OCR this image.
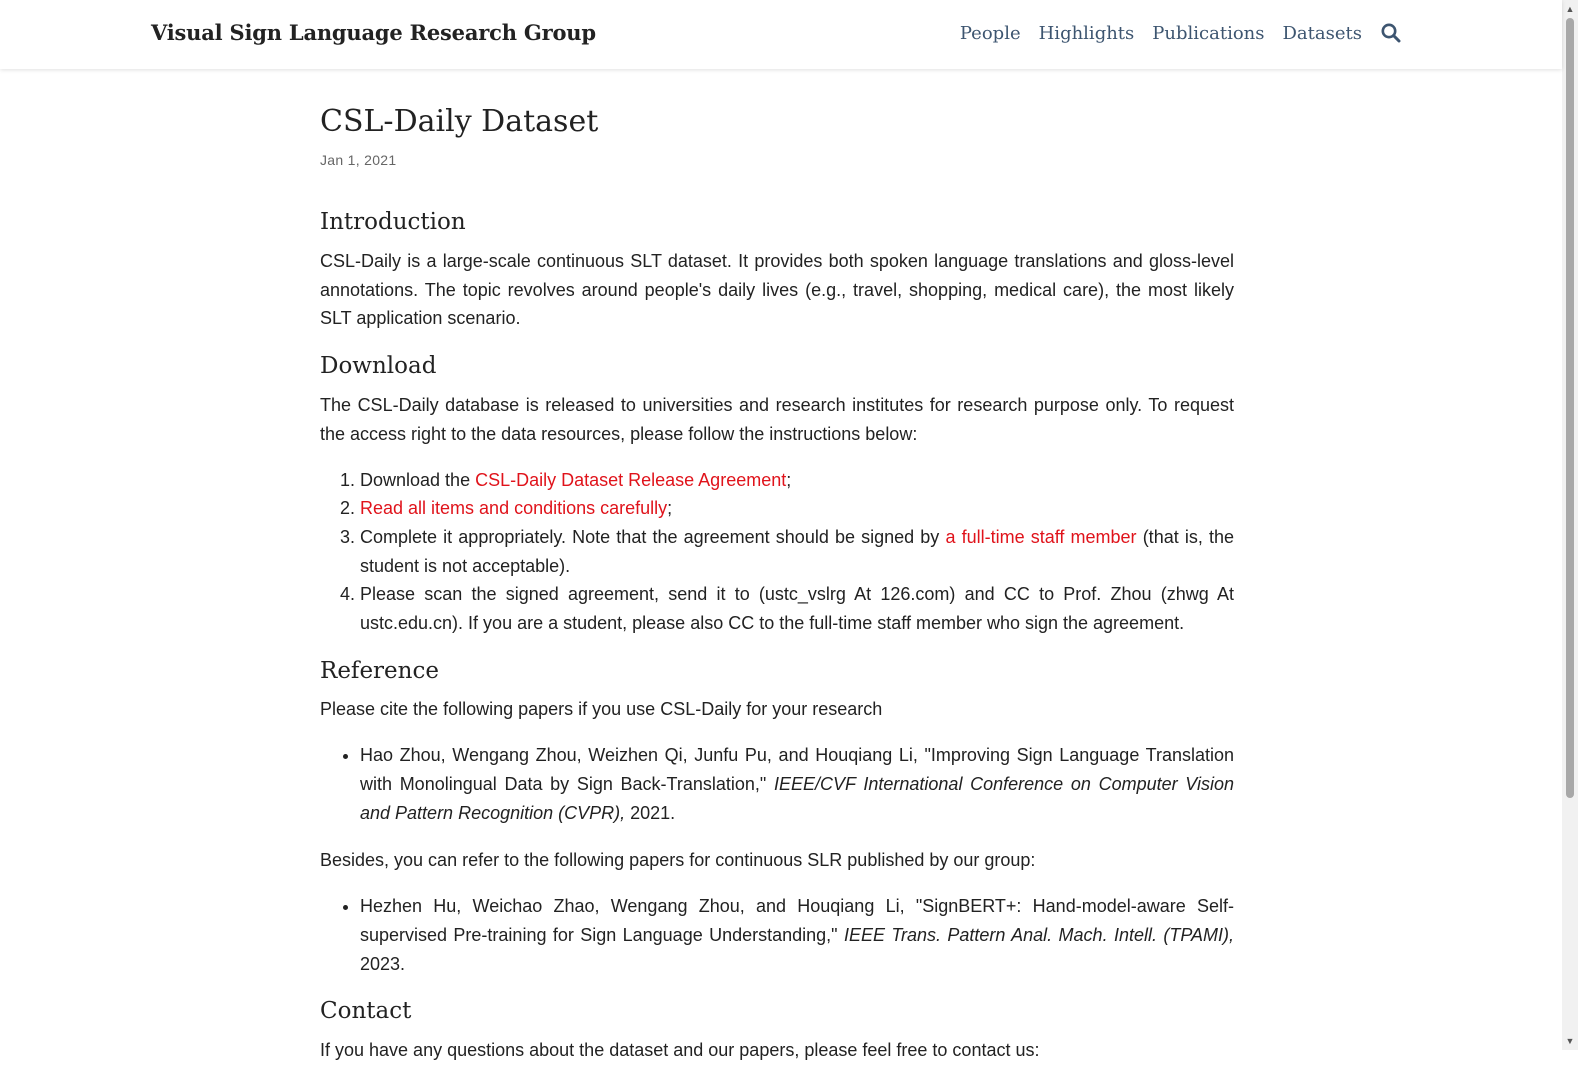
Visual Sign Language Research Group	People Highlights Publications Datasets
CSL-Daily Dataset
Jan 1, 2021
Introduction

CSL-Daily is a large-scale continuous SLT dataset. It provides both spoken language translations and gloss-level annotations. The topic revolves around people's daily lives (e.g., travel, shopping, medical care), the most likely SLT application scenario.

Download

The CSL-Daily database is released to universities and research institutes for research purpose only. To request the access right to the data resources, please follow the instructions below:

1. Download the CSL-Daily Dataset Release Agreement;
2. Read all items and conditions carefully;
3. Complete it appropriately. Note that the agreement should be signed by a full-time staff member (that is, the student is not acceptable).
4. Please scan the signed agreement, send it to (ustc_vslrg At 126.com) and CC to Prof. Zhou (zhwg At ustc.edu.cn). If you are a student, please also CC to the full-time staff member who sign the agreement.
Reference

Please cite the following papers if you use CSL-Daily for your research

• Hao Zhou, Wengang Zhou, Weizhen Qi, Junfu Pu, and Houqiang Li, "Improving Sign Language Translation with Monolingual Data by Sign Back-Translation," IEEE/CVF International Conference on Computer Vision and Pattern Recognition (CVPR), 2021.

Besides, you can refer to the following papers for continuous SLR published by our group:

• Hezhen Hu, Weichao Zhao, Wengang Zhou, and Houqiang Li, "SignBERT+: Hand-model-aware Self-supervised Pre-training for Sign Language Understanding," IEEE Trans. Pattern Anal. Mach. Intell. (TPAMI), 2023.
Contact

If you have any questions about the dataset and our papers, please feel free to contact us:

▲
▼
